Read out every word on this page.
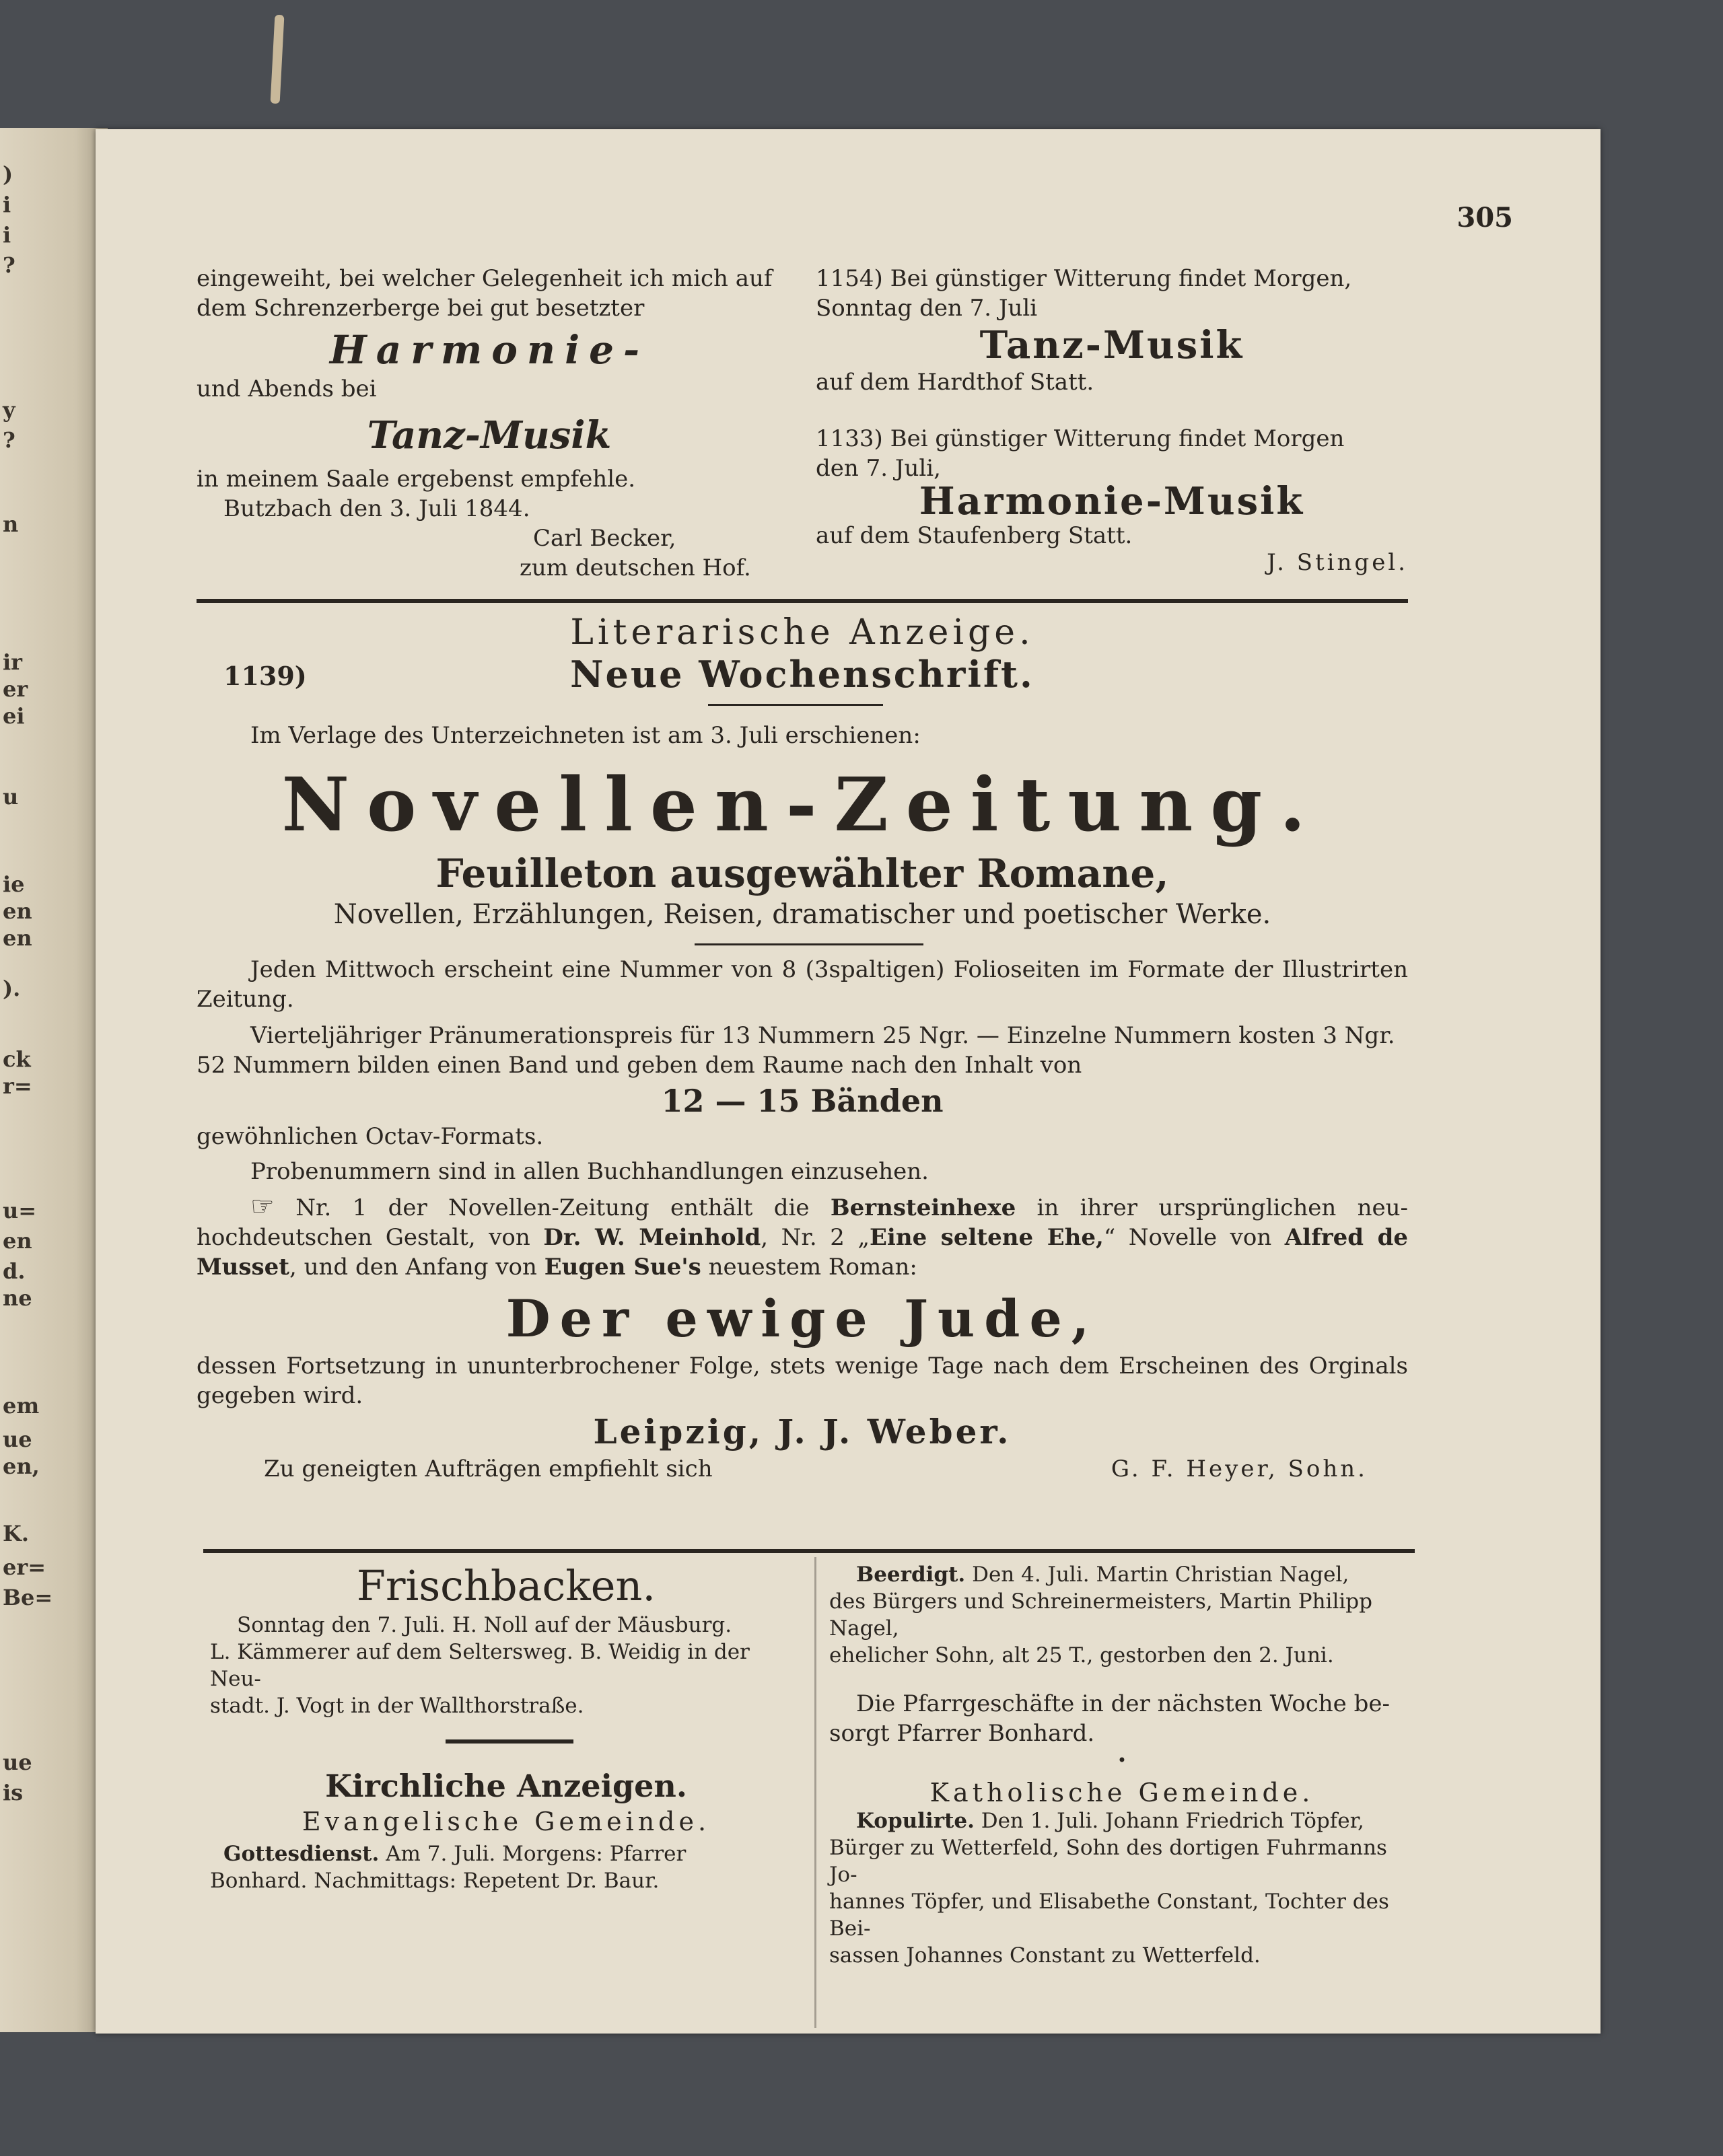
)
i
i
?
y
?
n
ir
er
ei
u
ie
en
en
).
ck
r=
u=
en
d.
ne
em
ue
en,
K.
er=
Be=
ue
is
305

eingeweiht, bei welcher Gelegenheit ich mich auf

dem Schrenzerberge bei gut besetzter

Harmonie-

und Abends bei

Tanz-Musik

in meinem Saale ergebenst empfehle.

Butzbach den 3. Juli 1844.

Carl Becker,

zum deutschen Hof.

1154) Bei günstiger Witterung findet Morgen,

Sonntag den 7. Juli

Tanz-Musik

auf dem Hardthof Statt.

1133) Bei günstiger Witterung findet Morgen

den 7. Juli,

Harmonie-Musik

auf dem Staufenberg Statt.

J. Stingel.

Literarische Anzeige.
1139)	Neue Wochenschrift.

Im Verlage des Unterzeichneten ist am 3. Juli erschienen:

Novellen-Zeitung.
Feuilleton ausgewählter Romane,
Novellen, Erzählungen, Reisen, dramatischer und poetischer Werke.

Jeden Mittwoch erscheint eine Nummer von 8 (3spaltigen) Folioseiten im Formate der Illustrirten Zeitung.

Vierteljähriger Pränumerationspreis für 13 Nummern 25 Ngr. — Einzelne Nummern kosten 3 Ngr.

52 Nummern bilden einen Band und geben dem Raume nach den Inhalt von

12 — 15 Bänden

gewöhnlichen Octav-Formats.

Probenummern sind in allen Buchhandlungen einzusehen.

☞ Nr. 1 der Novellen-Zeitung enthält die Bernsteinhexe in ihrer ursprünglichen neu-hochdeutschen Gestalt, von Dr. W. Meinhold, Nr. 2 „Eine seltene Ehe,“ Novelle von Alfred de Musset, und den Anfang von Eugen Sue's neuestem Roman:

Der ewige Jude,

dessen Fortsetzung in ununterbrochener Folge, stets wenige Tage nach dem Erscheinen des Orginals gegeben wird.

Leipzig, J. J. Weber.
Zu geneigten Aufträgen empfiehlt sich	G. F. Heyer, Sohn.
Frischbacken.

Sonntag den 7. Juli. H. Noll auf der Mäusburg.

L. Kämmerer auf dem Seltersweg. B. Weidig in der Neu-

stadt. J. Vogt in der Wallthorstraße.

Kirchliche Anzeigen.
Evangelische Gemeinde.

Gottesdienst. Am 7. Juli. Morgens: Pfarrer

Bonhard. Nachmittags: Repetent Dr. Baur.

Beerdigt. Den 4. Juli. Martin Christian Nagel,

des Bürgers und Schreinermeisters, Martin Philipp Nagel,

ehelicher Sohn, alt 25 T., gestorben den 2. Juni.

Die Pfarrgeschäfte in der nächsten Woche be-

sorgt Pfarrer Bonhard.

•
Katholische Gemeinde.

Kopulirte. Den 1. Juli. Johann Friedrich Töpfer,

Bürger zu Wetterfeld, Sohn des dortigen Fuhrmanns Jo-

hannes Töpfer, und Elisabethe Constant, Tochter des Bei-

sassen Johannes Constant zu Wetterfeld.
